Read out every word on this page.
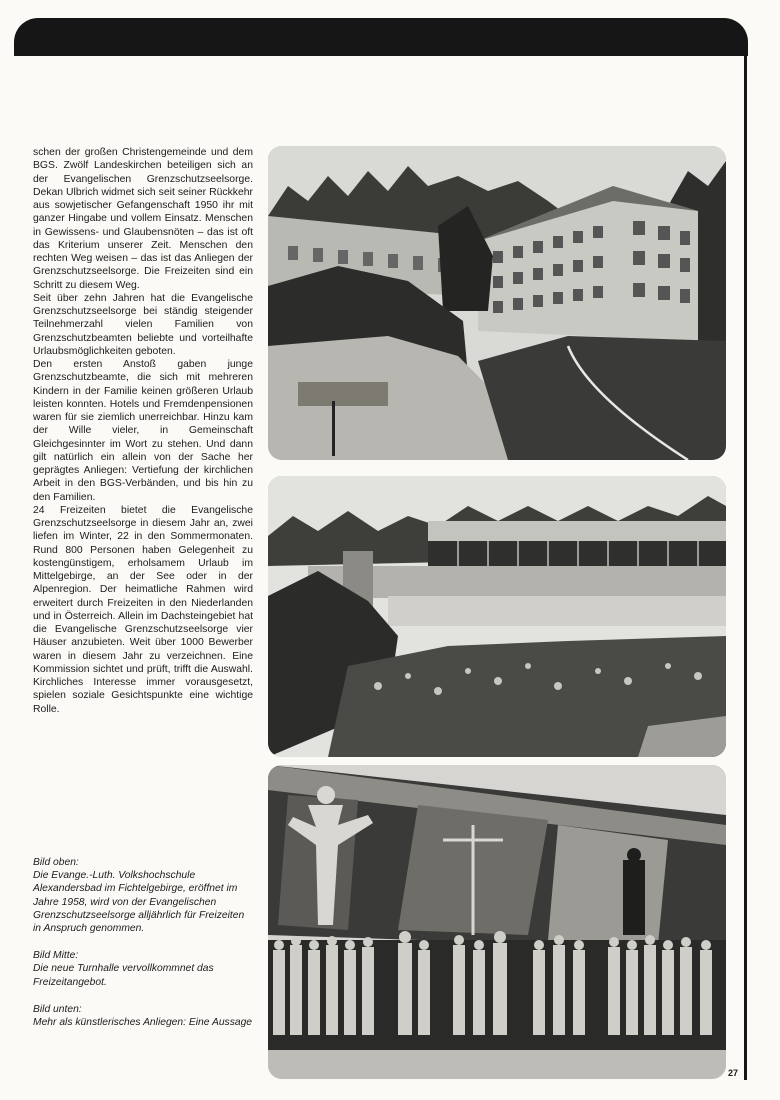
schen der großen Christengemeinde und dem BGS. Zwölf Landeskirchen beteiligen sich an der Evangelischen Grenzschutzseelsorge. Dekan Ulbrich widmet sich seit seiner Rückkehr aus sowjetischer Gefangenschaft 1950 ihr mit ganzer Hingabe und vollem Einsatz. Menschen in Gewissens- und Glaubensnöten – das ist oft das Kriterium unserer Zeit. Menschen den rechten Weg weisen – das ist das Anliegen der Grenzschutzseelsorge. Die Freizeiten sind ein Schritt zu diesem Weg.

Seit über zehn Jahren hat die Evangelische Grenzschutzseelsorge bei ständig steigender Teilnehmerzahl vielen Familien von Grenzschutzbeamten beliebte und vorteilhafte Urlaubsmöglichkeiten geboten.

Den ersten Anstoß gaben junge Grenzschutzbeamte, die sich mit mehreren Kindern in der Familie keinen größeren Urlaub leisten konnten. Hotels und Fremdenpensionen waren für sie ziemlich unerreichbar. Hinzu kam der Wille vieler, in Gemeinschaft Gleichgesinnter im Wort zu stehen. Und dann gilt natürlich ein allein von der Sache her geprägtes Anliegen: Vertiefung der kirchlichen Arbeit in den BGS-Verbänden, und bis hin zu den Familien.

24 Freizeiten bietet die Evangelische Grenzschutzseelsorge in diesem Jahr an, zwei liefen im Winter, 22 in den Sommermonaten. Rund 800 Personen haben Gelegenheit zu kostengünstigem, erholsamem Urlaub im Mittelgebirge, an der See oder in der Alpenregion. Der heimatliche Rahmen wird erweitert durch Freizeiten in den Niederlanden und in Österreich. Allein im Dachsteingebiet hat die Evangelische Grenzschutzseelsorge vier Häuser anzubieten. Weit über 1000 Bewerber waren in diesem Jahr zu verzeichnen. Eine Kommission sichtet und prüft, trifft die Auswahl. Kirchliches Interesse immer vorausgesetzt, spielen soziale Gesichtspunkte eine wichtige Rolle.

Bild oben:
Die Evange.-Luth. Volkshochschule Alexandersbad im Fichtelgebirge, eröffnet im Jahre 1958, wird von der Evangelischen Grenzschutzseelsorge alljährlich für Freizeiten in Anspruch genommen.
Bild Mitte:
Die neue Turnhalle vervollkommnet das Freizeitangebot.
Bild unten:
Mehr als künstlerisches Anliegen: Eine Aussage
27
